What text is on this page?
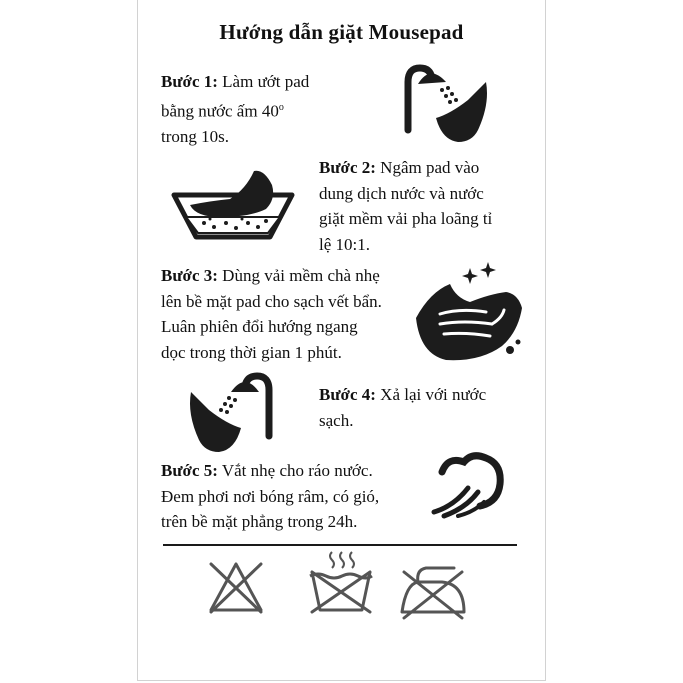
Hướng dẫn giặt Mousepad
Bước 1: Làm ướt pad
bằng nước ấm 40$^o$
trong 10s.
Bước 2: Ngâm pad vào
dung dịch nước và nước
giặt mềm vải pha loãng tỉ
lệ 10:1.
Bước 3: Dùng vải mềm chà nhẹ
lên bề mặt pad cho sạch vết bẩn.
Luân phiên đổi hướng ngang
dọc trong thời gian 1 phút.
Bước 4: Xả lại với nước
sạch.
Bước 5: Vắt nhẹ cho ráo nước.
Đem phơi nơi bóng râm, có gió,
trên bề mặt phẳng trong 24h.
